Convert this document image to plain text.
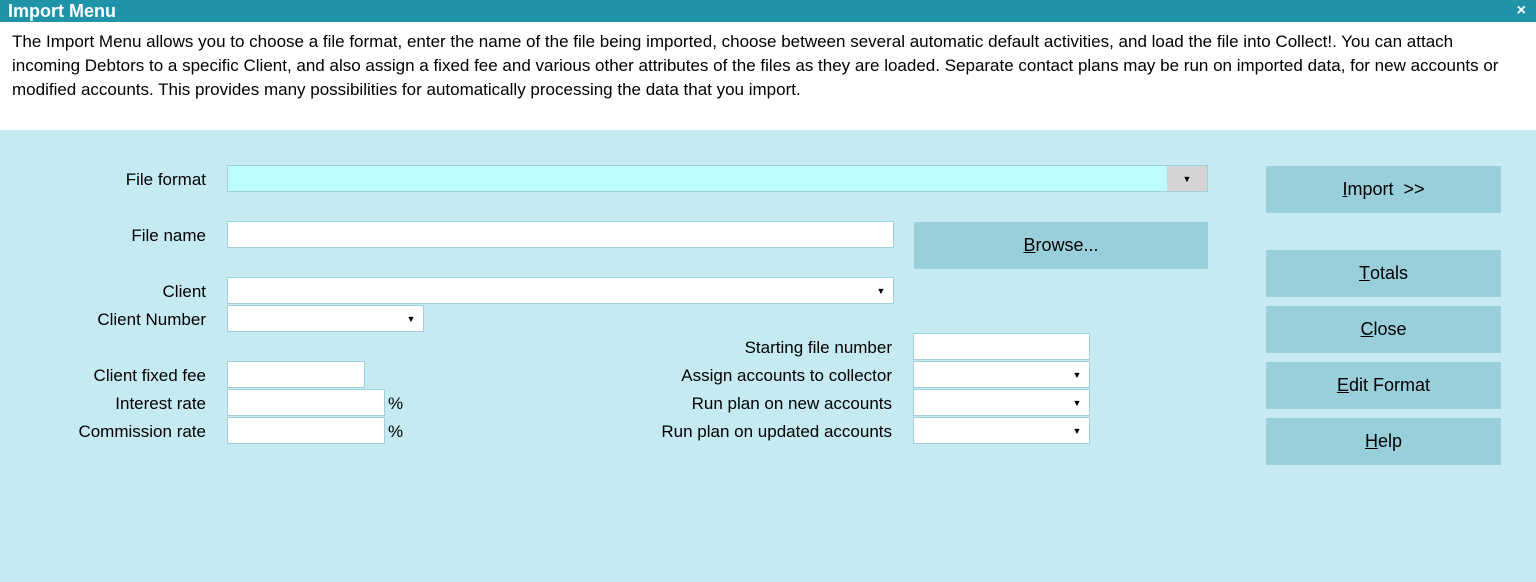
Import Menu	×

The Import Menu allows you to choose a file format, enter the name of the file being imported, choose between several automatic default activities, and load the file into Collect!. You can attach incoming Debtors to a specific Client, and also assign a fixed fee and various other attributes of the files as they are loaded. Separate contact plans may be run on imported data, for new accounts or modified accounts. This provides many possibilities for automatically processing the data that you import.

File format	▼
File name	B rowse...
Client	▼
Client Number	▼
Client fixed fee
Interest rate	%
Commission rate	%
Starting file number
Assign accounts to collector	▼
Run plan on new accounts	▼
Run plan on updated accounts	▼
I mport  >>
T otals
C lose
E dit Format
H elp
